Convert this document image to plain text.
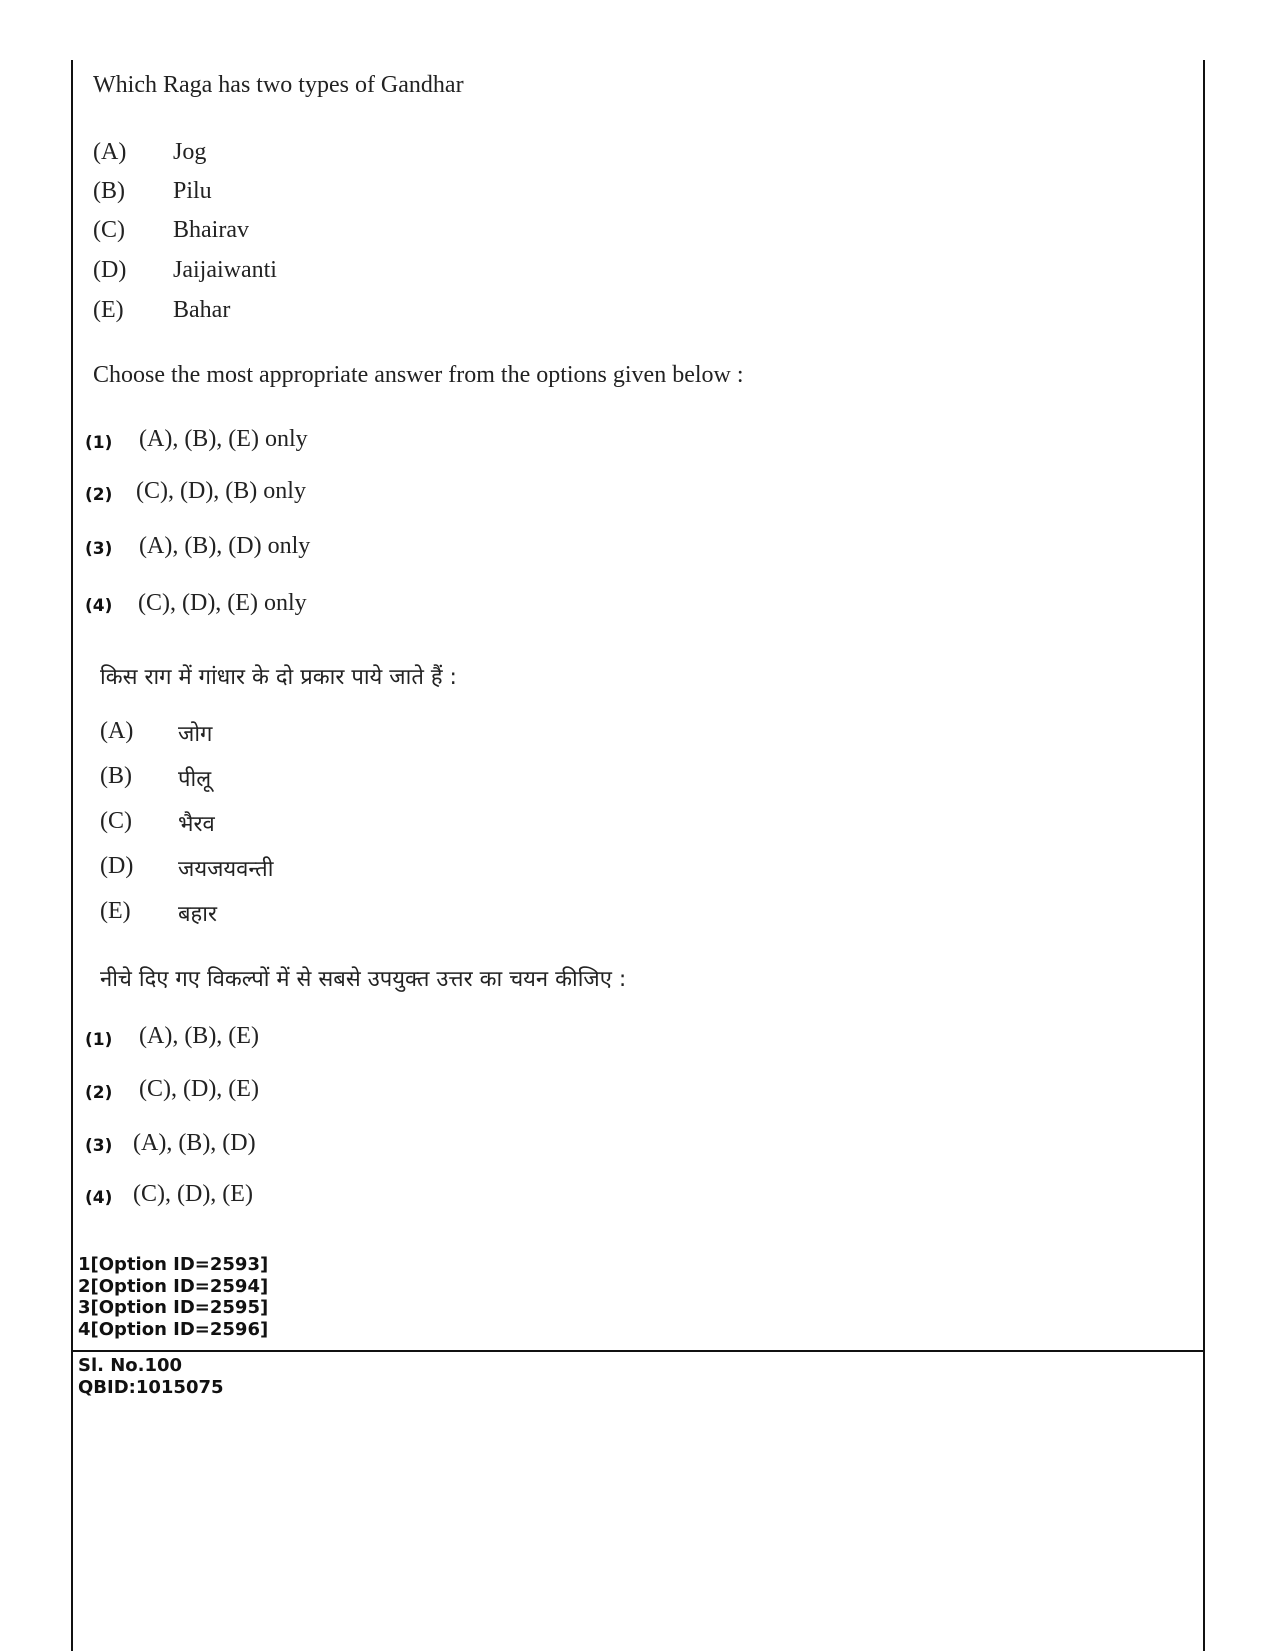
Which Raga has two types of Gandhar
(A) Jog
(B) Pilu
(C) Bhairav
(D) Jaijaiwanti
(E) Bahar
Choose the most appropriate answer from the options given below :
(1) (A), (B), (E) only
(2) (C), (D), (B) only
(3) (A), (B), (D) only
(4) (C), (D), (E) only
किस राग में गांधार के दो प्रकार पाये जाते हैं :
(A) जोग
(B) पीलू
(C) भैरव
(D) जयजयवन्ती
(E) बहार
नीचे दिए गए विकल्पों में से सबसे उपयुक्त उत्तर का चयन कीजिए :
(1) (A), (B), (E)
(2) (C), (D), (E)
(3) (A), (B), (D)
(4) (C), (D), (E)
1[Option ID=2593]
2[Option ID=2594]
3[Option ID=2595]
4[Option ID=2596]
Sl. No.100
QBID:1015075
